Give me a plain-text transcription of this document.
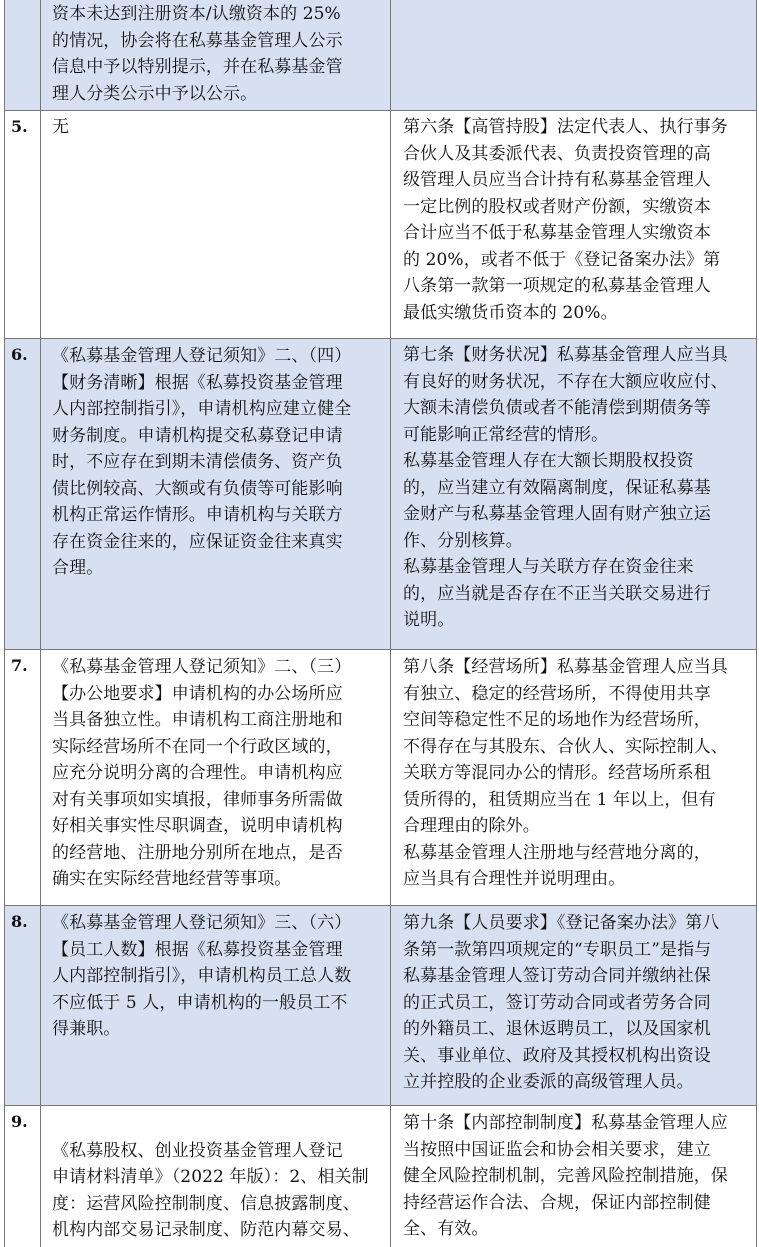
资本未达到注册资本/认缴资本的 25%
的情况，协会将在私募基金管理人公示
信息中予以特别提示，并在私募基金管
理人分类公示中予以公示。
5. 无	第六条【高管持股】法定代表人、执行事务
合伙人及其委派代表、负责投资管理的高
级管理人员应当合计持有私募基金管理人
一定比例的股权或者财产份额，实缴资本
合计应当不低于私募基金管理人实缴资本
的 20%，或者不低于《登记备案办法》第
八条第一款第一项规定的私募基金管理人
最低实缴货币资本的 20%。
6. 《私募基金管理人登记须知》二、（四）
【财务清晰】根据《私募投资基金管理
人内部控制指引》，申请机构应建立健全
财务制度。申请机构提交私募登记申请
时，不应存在到期未清偿债务、资产负
债比例较高、大额或有负债等可能影响
机构正常运作情形。申请机构与关联方
存在资金往来的，应保证资金往来真实
合理。
第七条【财务状况】私募基金管理人应当具
有良好的财务状况，不存在大额应收应付、
大额未清偿负债或者不能清偿到期债务等
可能影响正常经营的情形。
私募基金管理人存在大额长期股权投资
的，应当建立有效隔离制度，保证私募基
金财产与私募基金管理人固有财产独立运
作、分别核算。
私募基金管理人与关联方存在资金往来
的，应当就是否存在不正当关联交易进行
说明。
7. 《私募基金管理人登记须知》二、（三）
【办公地要求】申请机构的办公场所应
当具备独立性。申请机构工商注册地和
实际经营场所不在同一个行政区域的，
应充分说明分离的合理性。申请机构应
对有关事项如实填报，律师事务所需做
好相关事实性尽职调查，说明申请机构
的经营地、注册地分别所在地点，是否
确实在实际经营地经营等事项。
第八条【经营场所】私募基金管理人应当具
有独立、稳定的经营场所，不得使用共享
空间等稳定性不足的场地作为经营场所，
不得存在与其股东、合伙人、实际控制人、
关联方等混同办公的情形。经营场所系租
赁所得的，租赁期应当在 1 年以上，但有
合理理由的除外。
私募基金管理人注册地与经营地分离的，
应当具有合理性并说明理由。
8. 《私募基金管理人登记须知》三、（六）
【员工人数】根据《私募投资基金管理
人内部控制指引》，申请机构员工总人数
不应低于 5 人，申请机构的一般员工不
得兼职。
第九条【人员要求】《登记备案办法》第八
条第一款第四项规定的“专职员工”是指与
私募基金管理人签订劳动合同并缴纳社保
的正式员工，签订劳动合同或者劳务合同
的外籍员工、退休返聘员工，以及国家机
关、事业单位、政府及其授权机构出资设
立并控股的企业委派的高级管理人员。
9.
《私募股权、创业投资基金管理人登记
申请材料清单》（2022 年版）：2、相关制
度：运营风险控制制度、信息披露制度、
机构内部交易记录制度、防范内幕交易、
第十条【内部控制制度】私募基金管理人应
当按照中国证监会和协会相关要求，建立
健全风险控制机制，完善风险控制措施，保
持经营运作合法、合规，保证内部控制健
全、有效。
